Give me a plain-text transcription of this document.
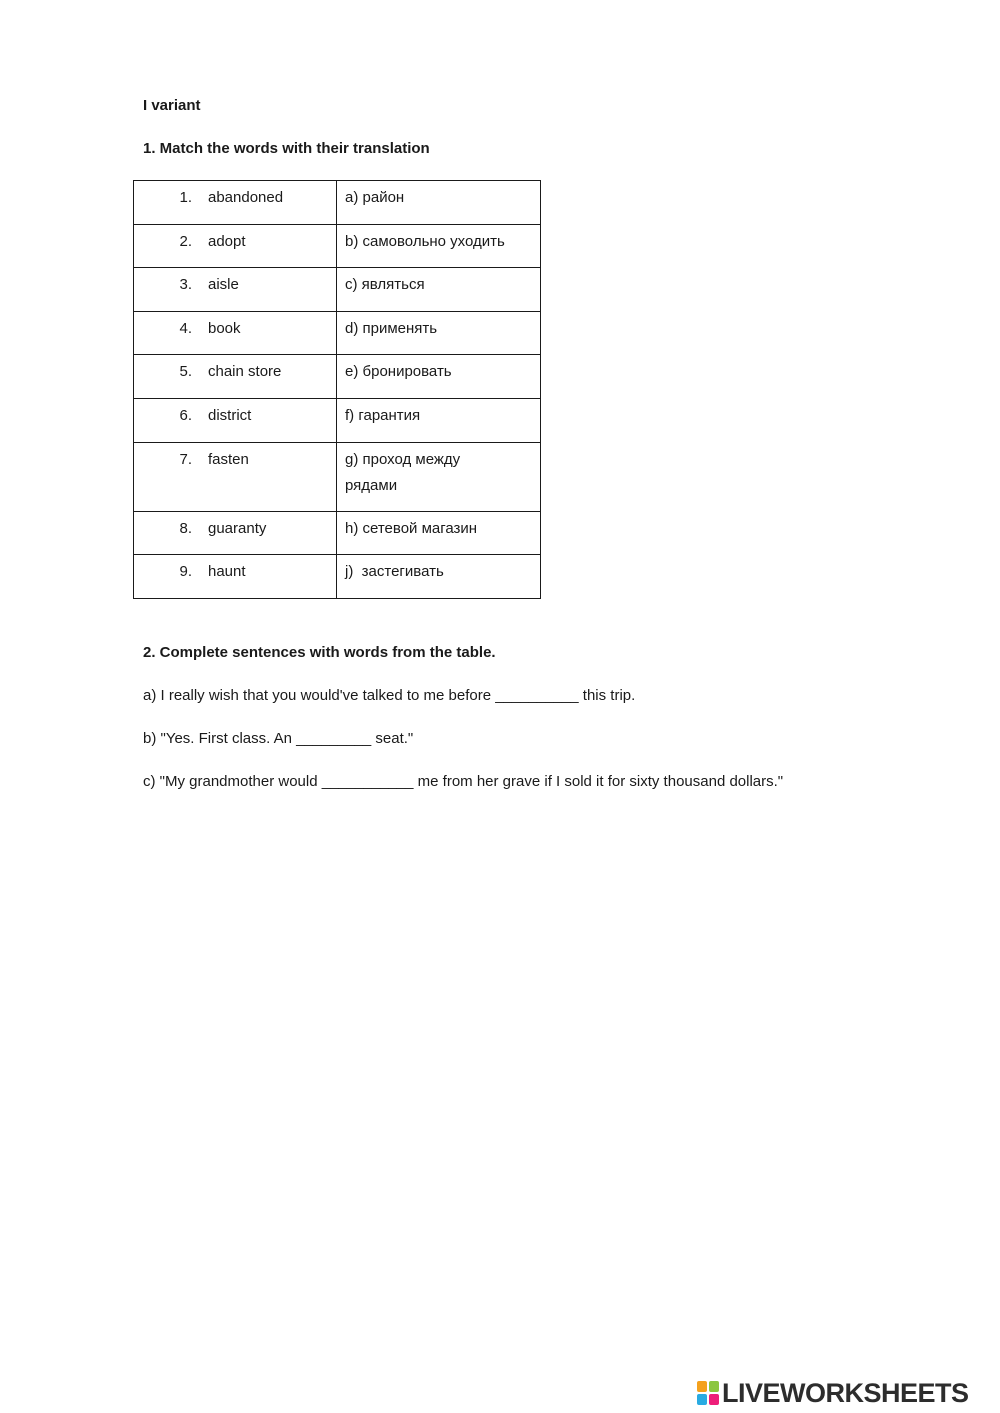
I variant

1. Match the words with their translation

1. abandoned	a) район
2. adopt	b) самовольно уходить
3. aisle	c) являться
4. book	d) применять
5. chain store	e) бронировать
6. district	f) гарантия
7. fasten	g) проход между рядами
8. guaranty	h) сетевой магазин
9. haunt	j)  застегивать

2. Complete sentences with words from the table.

a) I really wish that you would've talked to me before __________ this trip.

b) "Yes. First class. An _________ seat."

c) "My grandmother would ___________ me from her grave if I sold it for sixty thousand dollars."

LIVEWORKSHEETS
